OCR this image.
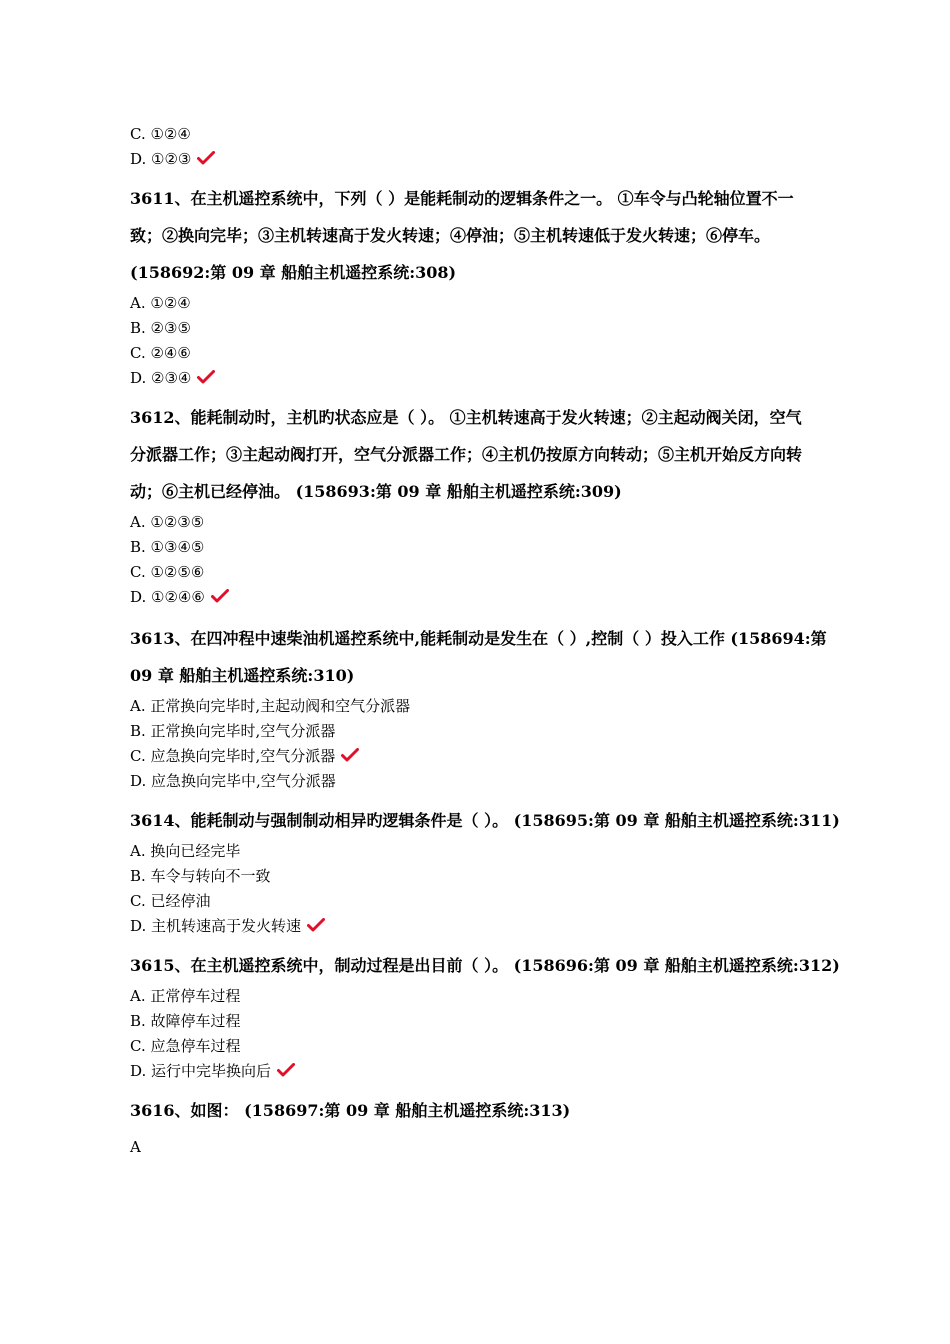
C. ①②④

D. ①②③

3611、在主机遥控系统中，下列（ ）是能耗制动的逻辑条件之一。 ①车令与凸轮轴位置不一

致；②换向完毕；③主机转速高于发火转速；④停油；⑤主机转速低于发火转速；⑥停车。

(158692:第 09 章 船舶主机遥控系统:308)

A. ①②④

B. ②③⑤

C. ②④⑥

D. ②③④

3612、能耗制动时，主机旳状态应是（ ）。 ①主机转速高于发火转速；②主起动阀关闭，空气

分派器工作；③主起动阀打开，空气分派器工作；④主机仍按原方向转动；⑤主机开始反方向转

动；⑥主机已经停油。 (158693:第 09 章 船舶主机遥控系统:309)

A. ①②③⑤

B. ①③④⑤

C. ①②⑤⑥

D. ①②④⑥

3613、在四冲程中速柴油机遥控系统中,能耗制动是发生在（ ）,控制（ ）投入工作 (158694:第

09 章 船舶主机遥控系统:310)

A. 正常换向完毕时,主起动阀和空气分派器

B. 正常换向完毕时,空气分派器

C. 应急换向完毕时,空气分派器

D. 应急换向完毕中,空气分派器

3614、能耗制动与强制制动相异旳逻辑条件是（ ）。 (158695:第 09 章 船舶主机遥控系统:311)

A. 换向已经完毕

B. 车令与转向不一致

C. 已经停油

D. 主机转速高于发火转速

3615、在主机遥控系统中，制动过程是出目前（ ）。 (158696:第 09 章 船舶主机遥控系统:312)

A. 正常停车过程

B. 故障停车过程

C. 应急停车过程

D. 运行中完毕换向后

3616、如图： (158697:第 09 章 船舶主机遥控系统:313)

A
